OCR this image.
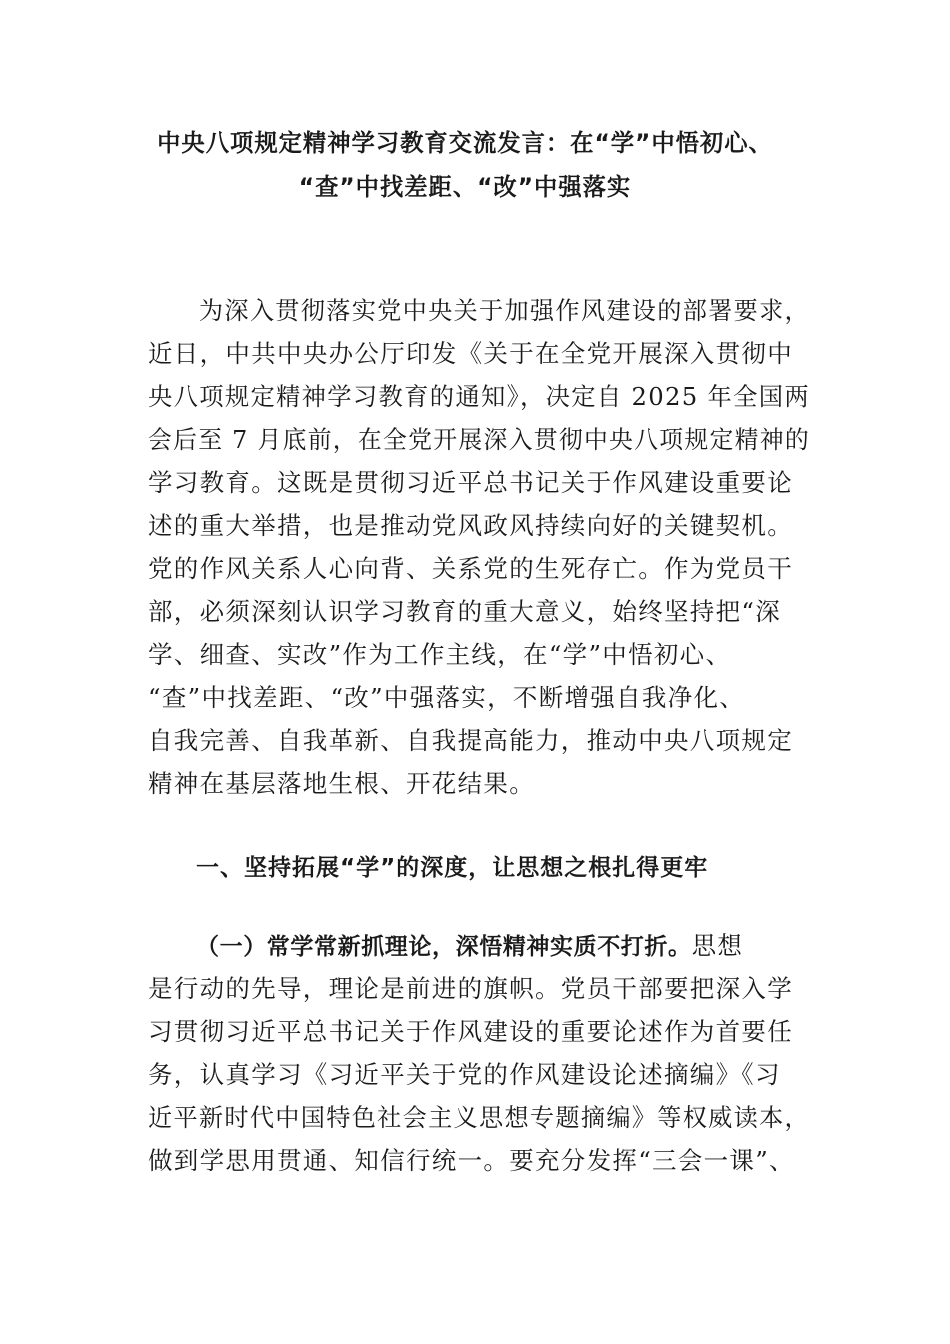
中央八项规定精神学习教育交流发言：在“学”中悟初心、
“查”中找差距、“改”中强落实
　　为深入贯彻落实党中央关于加强作风建设的部署要求，
近日，中共中央办公厅印发《关于在全党开展深入贯彻中
央八项规定精神学习教育的通知》，决定自 2025 年全国两
会后至 7 月底前，在全党开展深入贯彻中央八项规定精神的
学习教育。这既是贯彻习近平总书记关于作风建设重要论
述的重大举措，也是推动党风政风持续向好的关键契机。
党的作风关系人心向背、关系党的生死存亡。作为党员干
部，必须深刻认识学习教育的重大意义，始终坚持把“深
学、细查、实改”作为工作主线，在“学”中悟初心、
“查”中找差距、“改”中强落实，不断增强自我净化、
自我完善、自我革新、自我提高能力，推动中央八项规定
精神在基层落地生根、开花结果。
一、坚持拓展“学”的深度，让思想之根扎得更牢
（一）常学常新抓理论，深悟精神实质不打折。思想
是行动的先导，理论是前进的旗帜。党员干部要把深入学
习贯彻习近平总书记关于作风建设的重要论述作为首要任
务，认真学习《习近平关于党的作风建设论述摘编》《习
近平新时代中国特色社会主义思想专题摘编》等权威读本，
做到学思用贯通、知信行统一。要充分发挥“三会一课”、
